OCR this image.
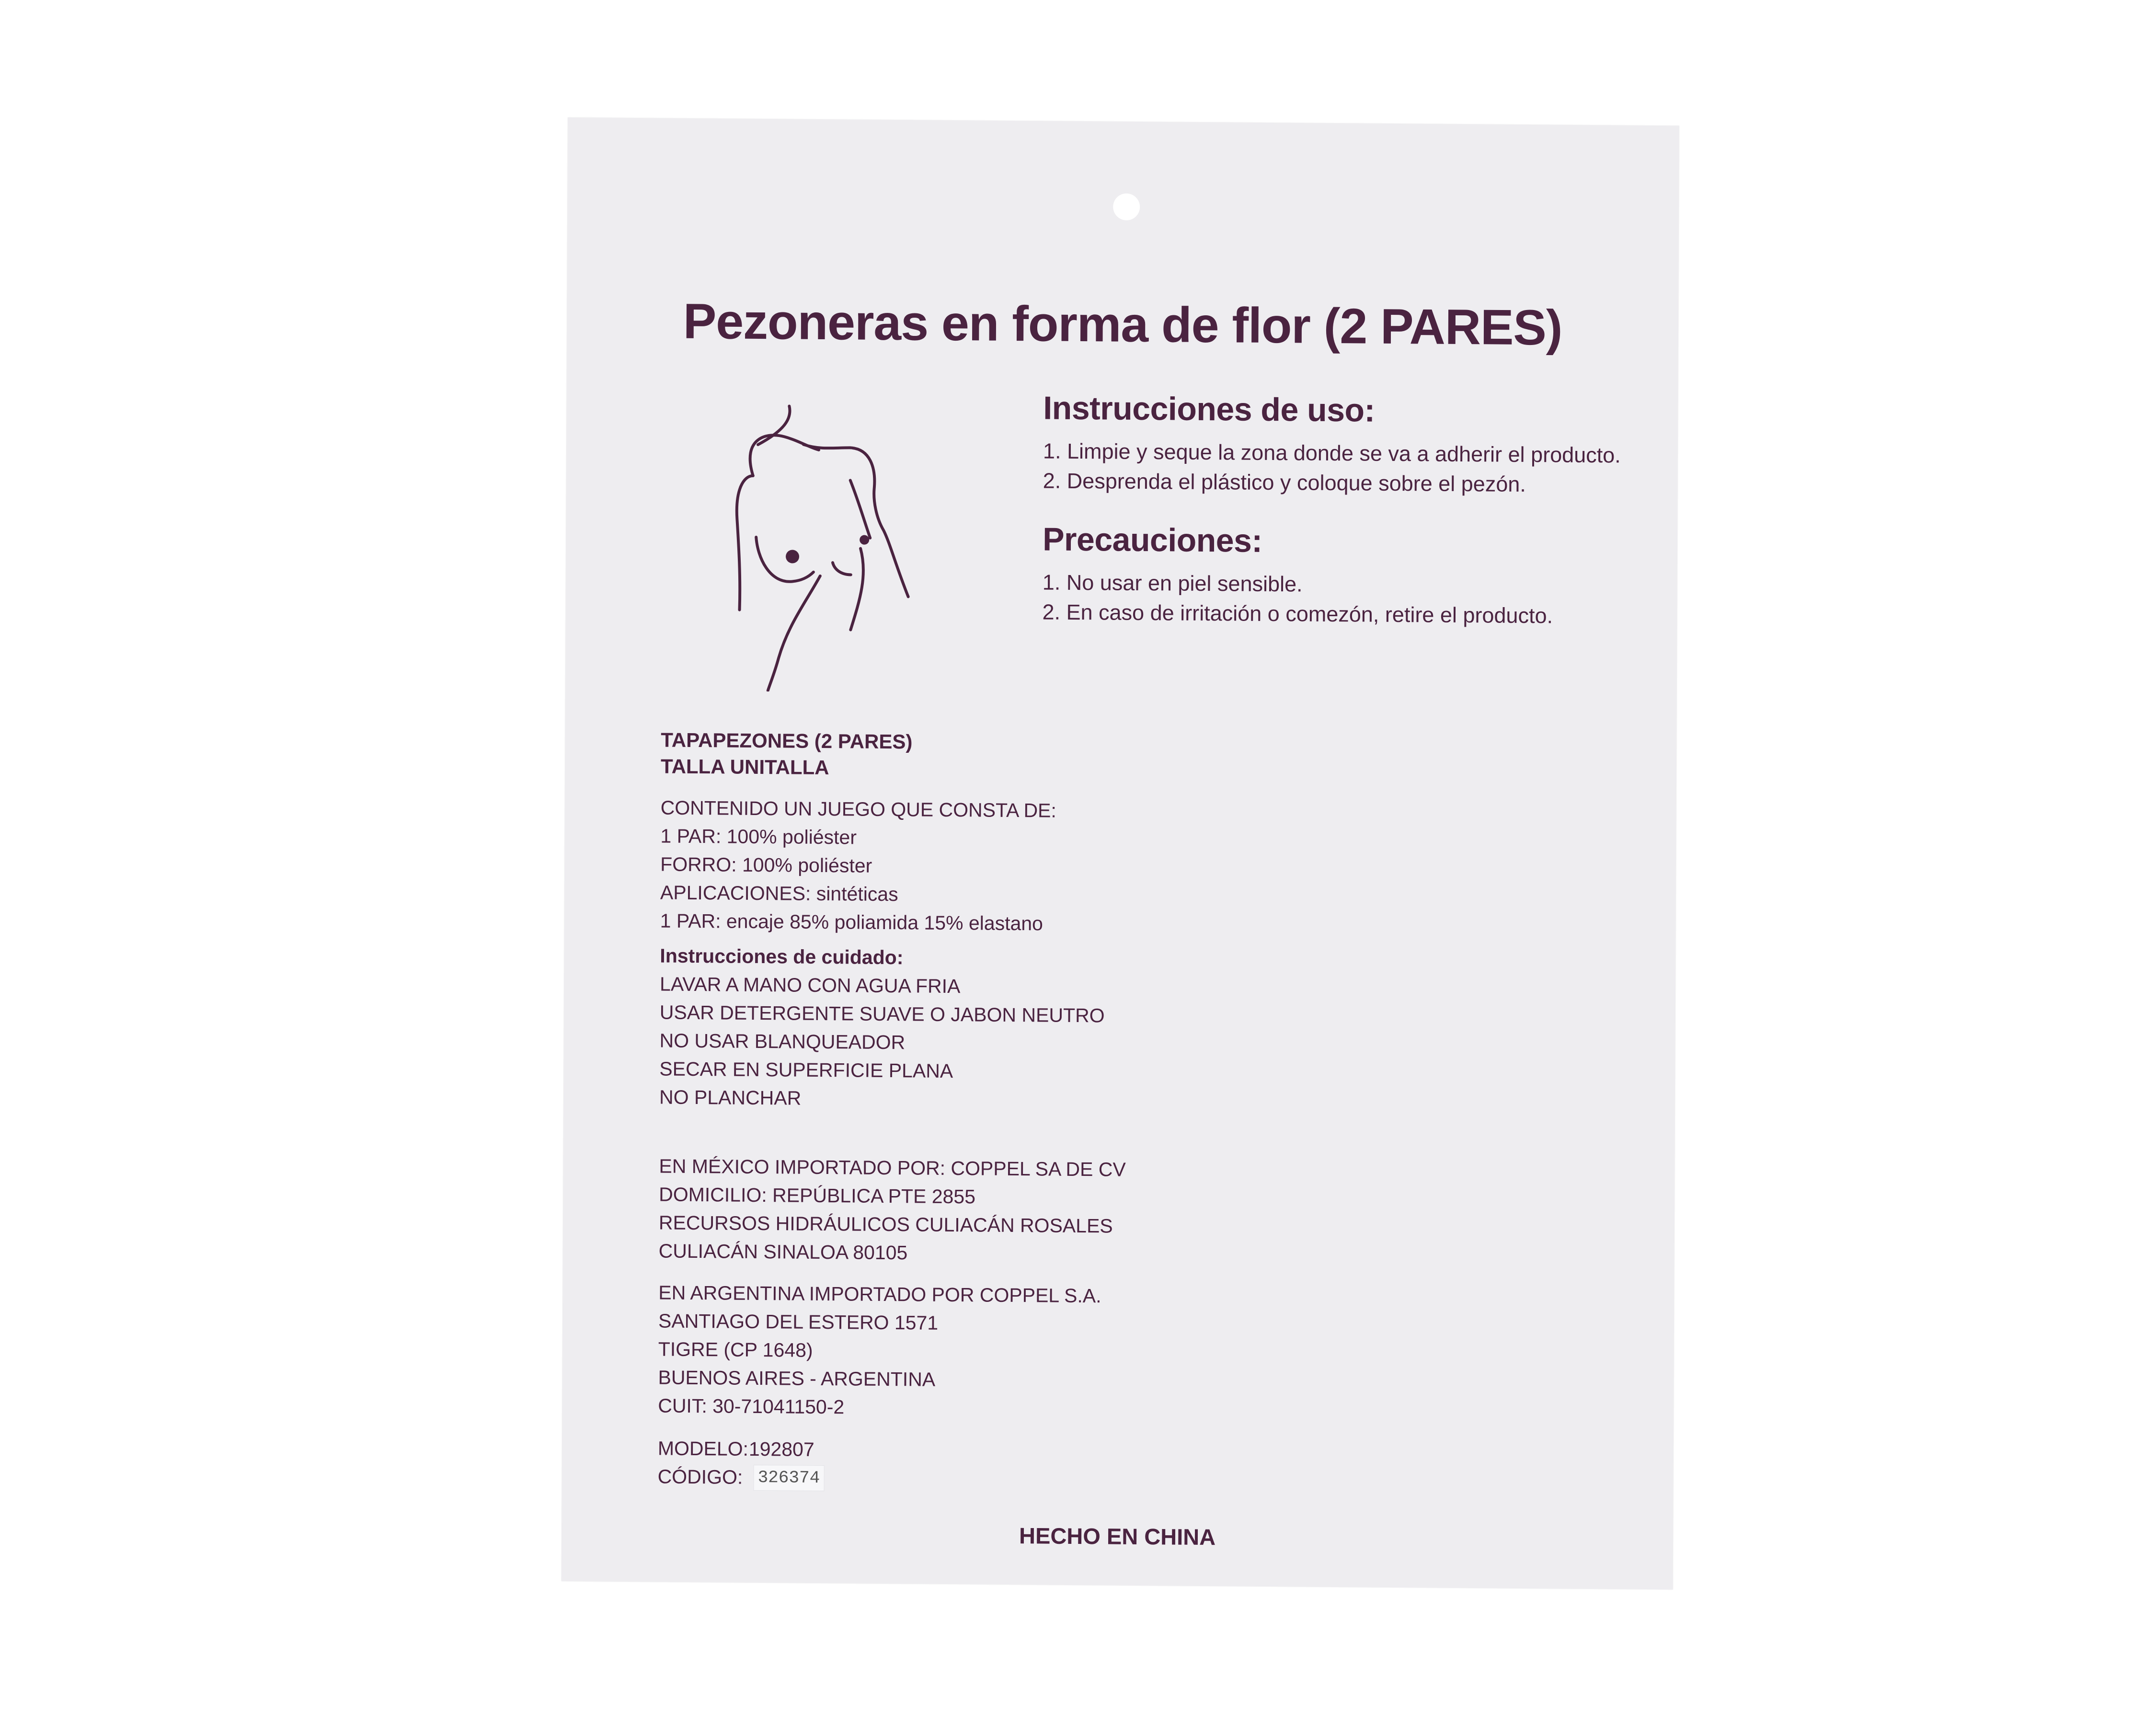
Pezoneras en forma de flor (2 PARES)
Instrucciones de uso:
1. Limpie y seque la zona donde se va a adherir el producto.
2. Desprenda el plástico y coloque sobre el pezón.
Precauciones:
1. No usar en piel sensible.
2. En caso de irritación o comezón, retire el producto.

TAPAPEZONES (2 PARES)

TALLA UNITALLA

CONTENIDO UN JUEGO QUE CONSTA DE:

1 PAR: 100% poliéster

FORRO: 100% poliéster

APLICACIONES: sintéticas

1 PAR: encaje 85% poliamida 15% elastano

Instrucciones de cuidado:

LAVAR A MANO CON AGUA FRIA

USAR DETERGENTE SUAVE O JABON NEUTRO

NO USAR BLANQUEADOR

SECAR EN SUPERFICIE PLANA

NO PLANCHAR

EN MÉXICO IMPORTADO POR: COPPEL SA DE CV

DOMICILIO: REPÚBLICA PTE 2855

RECURSOS HIDRÁULICOS CULIACÁN ROSALES

CULIACÁN SINALOA 80105

EN ARGENTINA IMPORTADO POR COPPEL S.A.

SANTIAGO DEL ESTERO 1571

TIGRE (CP 1648)

BUENOS AIRES - ARGENTINA

CUIT: 30-71041150-2

MODELO: 192807
CÓDIGO: 326374

HECHO EN CHINA
